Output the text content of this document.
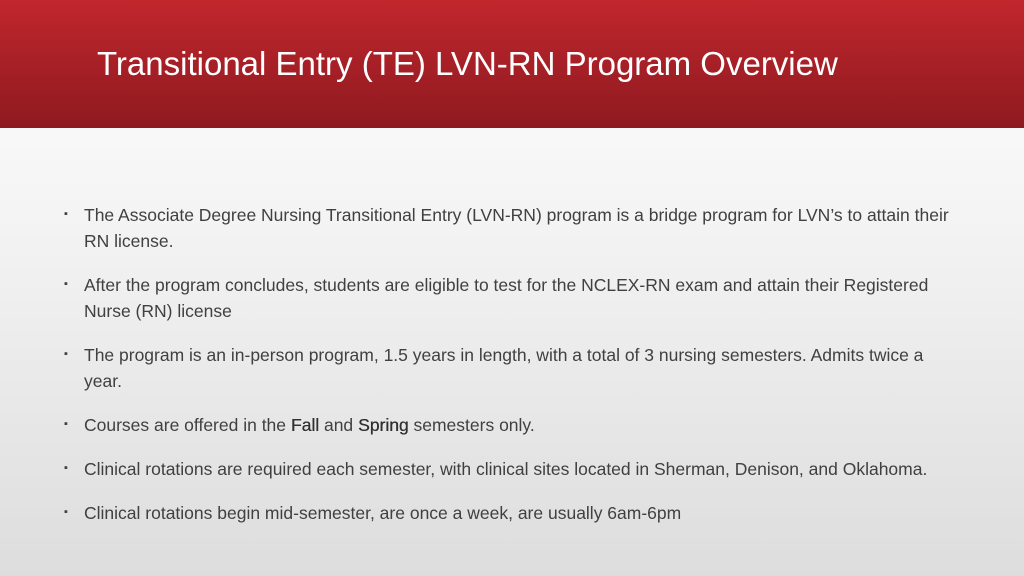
Transitional Entry (TE) LVN-RN Program Overview
▪ The Associate Degree Nursing Transitional Entry (LVN-RN) program is a bridge program for LVN’s to attain their RN license.
▪ After the program concludes, students are eligible to test for the NCLEX-RN exam and attain their Registered Nurse (RN) license
▪ The program is an in-person program, 1.5 years in length, with a total of 3 nursing semesters. Admits twice a year.
▪ Courses are offered in the Fall and Spring semesters only.
▪ Clinical rotations are required each semester, with clinical sites located in Sherman, Denison, and Oklahoma.
▪ Clinical rotations begin mid-semester, are once a week, are usually 6am-6pm
